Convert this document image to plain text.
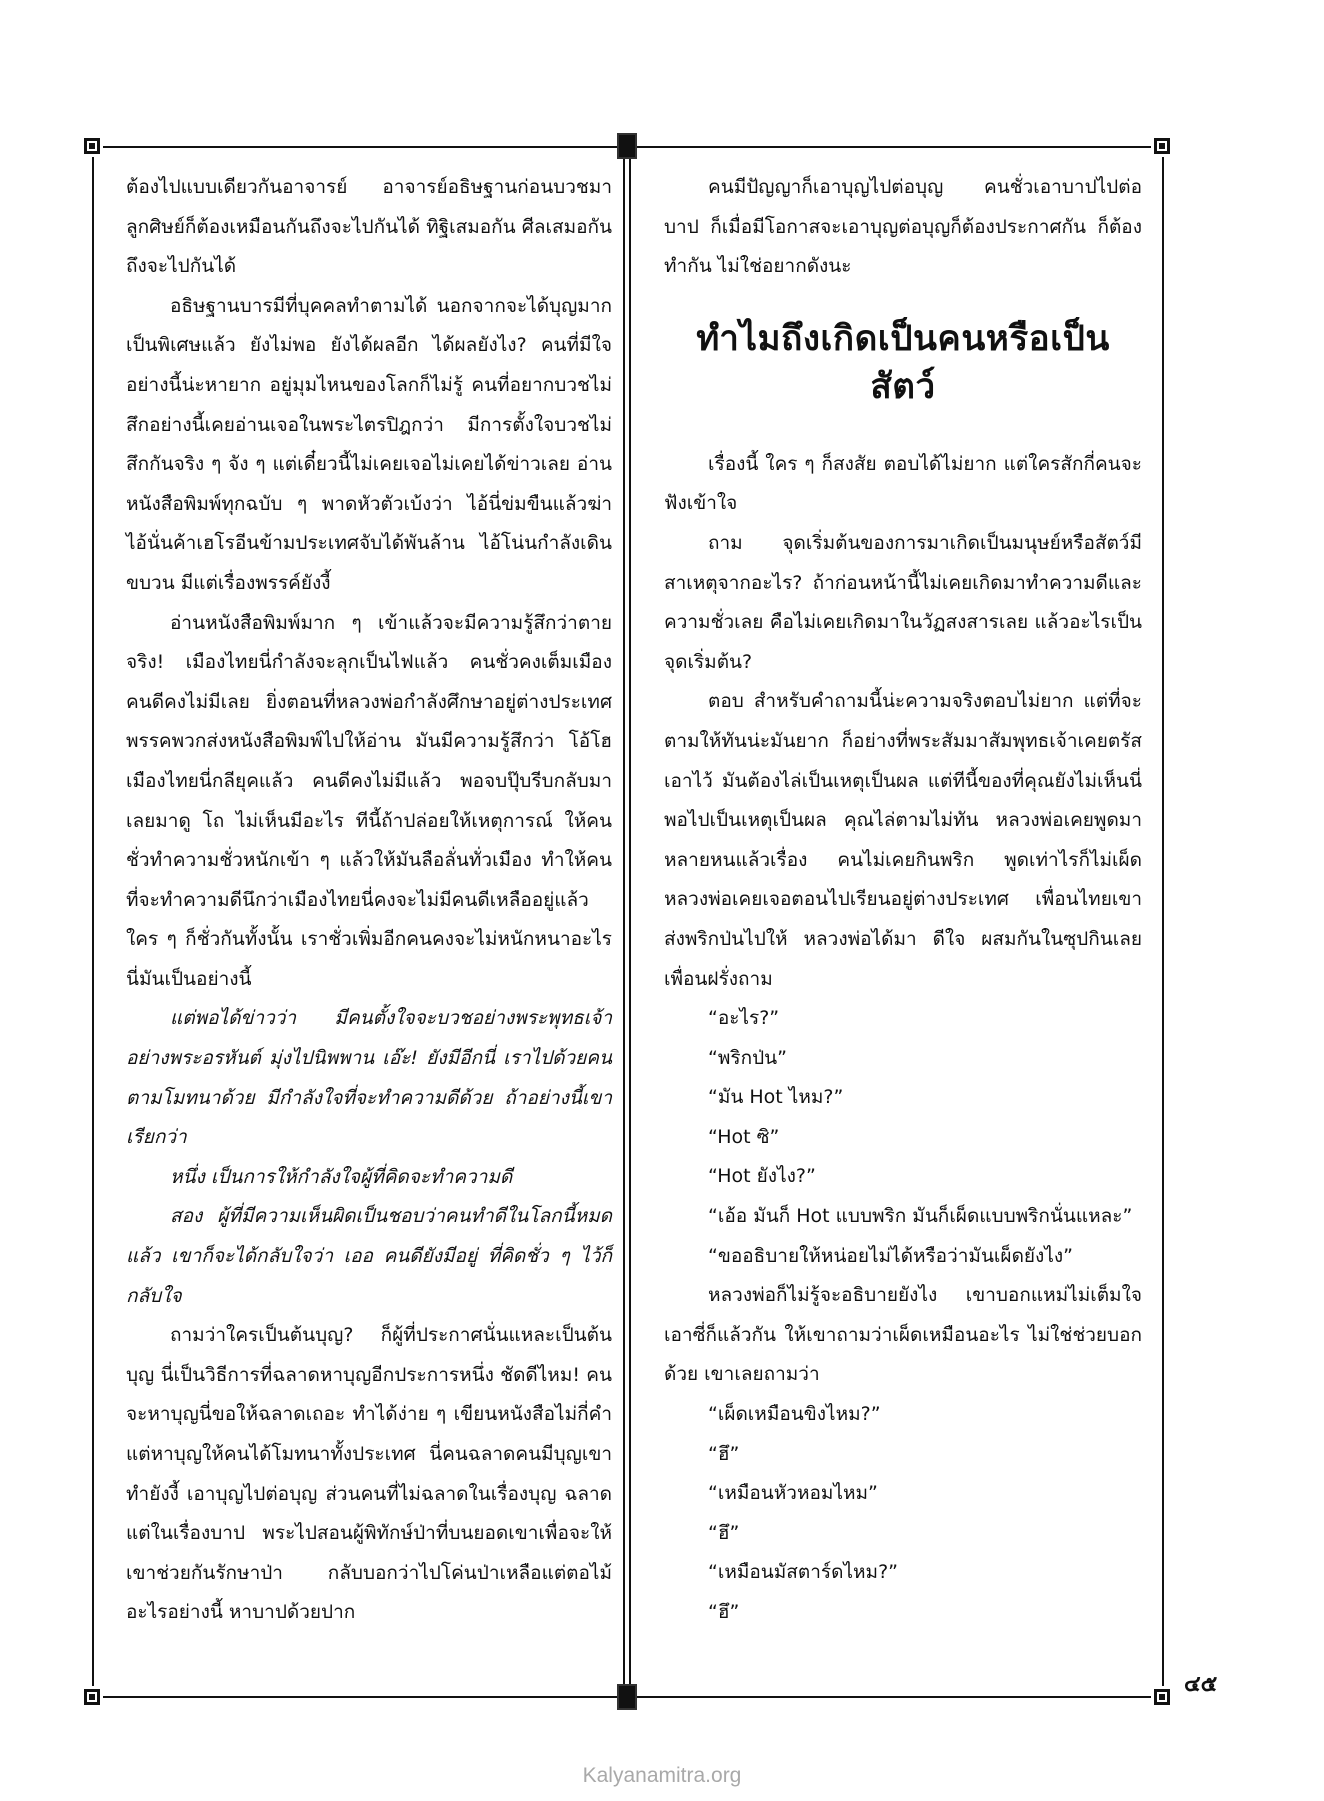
ต้องไปแบบเดียวกันอาจารย์ อาจารย์อธิษฐานก่อนบวชมา ลูกศิษย์ก็ต้องเหมือนกันถึงจะไปกันได้ ทิฐิเสมอกัน ศีลเสมอกัน ถึงจะไปกันได้

อธิษฐานบารมีที่บุคคลทำตามได้ นอกจากจะได้บุญมากเป็นพิเศษแล้ว ยังไม่พอ ยังได้ผลอีก ได้ผลยังไง? คนที่มีใจอย่างนี้น่ะหายาก อยู่มุมไหนของโลกก็ไม่รู้ คนที่อยากบวชไม่สึกอย่างนี้เคยอ่านเจอในพระไตรปิฎกว่า มีการตั้งใจบวชไม่สึกกันจริง ๆ จัง ๆ แต่เดี๋ยวนี้ไม่เคยเจอไม่เคยได้ข่าวเลย อ่านหนังสือพิมพ์ทุกฉบับ ๆ พาดหัวตัวเบ้งว่า ไอ้นี่ข่มขืนแล้วฆ่า ไอ้นั่นค้าเฮโรอีนข้ามประเทศจับได้พันล้าน ไอ้โน่นกำลังเดินขบวน มีแต่เรื่องพรรค์ยังงี้

อ่านหนังสือพิมพ์มาก ๆ เข้าแล้วจะมีความรู้สึกว่าตายจริง! เมืองไทยนี่กำลังจะลุกเป็นไฟแล้ว คนชั่วคงเต็มเมือง คนดีคงไม่มีเลย ยิ่งตอนที่หลวงพ่อกำลังศึกษาอยู่ต่างประเทศ พรรคพวกส่งหนังสือพิมพ์ไปให้อ่าน มันมีความรู้สึกว่า โอ้โฮ เมืองไทยนี่กลียุคแล้ว คนดีคงไม่มีแล้ว พอจบปุ๊บรีบกลับมาเลยมาดู โถ ไม่เห็นมีอะไร ทีนี้ถ้าปล่อยให้เหตุการณ์ ให้คนชั่วทำความชั่วหนักเข้า ๆ แล้วให้มันลือลั่นทั่วเมือง ทำให้คนที่จะทำความดีนึกว่าเมืองไทยนี่คงจะไม่มีคนดีเหลืออยู่แล้ว ใคร ๆ ก็ชั่วกันทั้งนั้น เราชั่วเพิ่มอีกคนคงจะไม่หนักหนาอะไร นี่มันเป็นอย่างนี้

แต่พอได้ข่าวว่า มีคนตั้งใจจะบวชอย่างพระพุทธเจ้า อย่างพระอรหันต์ มุ่งไปนิพพาน เอ๊ะ! ยังมีอีกนี่ เราไปด้วยคน ตามโมทนาด้วย มีกำลังใจที่จะทำความดีด้วย ถ้าอย่างนี้เขาเรียกว่า

หนึ่ง เป็นการให้กำลังใจผู้ที่คิดจะทำความดี

สอง ผู้ที่มีความเห็นผิดเป็นชอบว่าคนทำดีในโลกนี้หมดแล้ว เขาก็จะได้กลับใจว่า เออ คนดียังมีอยู่ ที่คิดชั่ว ๆ ไว้ก็กลับใจ

ถามว่าใครเป็นต้นบุญ? ก็ผู้ที่ประกาศนั่นแหละเป็นต้นบุญ นี่เป็นวิธีการที่ฉลาดหาบุญอีกประการหนึ่ง ชัดดีไหม! คนจะหาบุญนี่ขอให้ฉลาดเถอะ ทำได้ง่าย ๆ เขียนหนังสือไม่กี่คำ แต่หาบุญให้คนได้โมทนาทั้งประเทศ นี่คนฉลาดคนมีบุญเขาทำยังงี้ เอาบุญไปต่อบุญ ส่วนคนที่ไม่ฉลาดในเรื่องบุญ ฉลาดแต่ในเรื่องบาป พระไปสอนผู้พิทักษ์ป่าที่บนยอดเขาเพื่อจะให้เขาช่วยกันรักษาป่า กลับบอกว่าไปโค่นป่าเหลือแต่ตอไม้ อะไรอย่างนี้ หาบาปด้วยปาก

คนมีปัญญาก็เอาบุญไปต่อบุญ คนชั่วเอาบาปไปต่อบาป ก็เมื่อมีโอกาสจะเอาบุญต่อบุญก็ต้องประกาศกัน ก็ต้องทำกัน ไม่ใช่อยากดังนะ

ทำไมถึงเกิดเป็นคนหรือเป็นสัตว์

เรื่องนี้ ใคร ๆ ก็สงสัย ตอบได้ไม่ยาก แต่ใครสักกี่คนจะฟังเข้าใจ

ถาม จุดเริ่มต้นของการมาเกิดเป็นมนุษย์หรือสัตว์มีสาเหตุจากอะไร? ถ้าก่อนหน้านี้ไม่เคยเกิดมาทำความดีและความชั่วเลย คือไม่เคยเกิดมาในวัฏสงสารเลย แล้วอะไรเป็นจุดเริ่มต้น?

ตอบ สำหรับคำถามนี้น่ะความจริงตอบไม่ยาก แต่ที่จะตามให้ทันน่ะมันยาก ก็อย่างที่พระสัมมาสัมพุทธเจ้าเคยตรัสเอาไว้ มันต้องไล่เป็นเหตุเป็นผล แต่ทีนี้ของที่คุณยังไม่เห็นนี่พอไปเป็นเหตุเป็นผล คุณไล่ตามไม่ทัน หลวงพ่อเคยพูดมาหลายหนแล้วเรื่อง คนไม่เคยกินพริก พูดเท่าไรก็ไม่เผ็ด หลวงพ่อเคยเจอตอนไปเรียนอยู่ต่างประเทศ เพื่อนไทยเขาส่งพริกป่นไปให้ หลวงพ่อได้มา ดีใจ ผสมกันในซุปกินเลย เพื่อนฝรั่งถาม

“อะไร?”

“พริกป่น”

“มัน Hot ไหม?”

“Hot ซิ”

“Hot ยังไง?”

“เอ้อ มันก็ Hot แบบพริก มันก็เผ็ดแบบพริกนั่นแหละ”

“ขออธิบายให้หน่อยไม่ได้หรือว่ามันเผ็ดยังไง”

หลวงพ่อก็ไม่รู้จะอธิบายยังไง เขาบอกแหม่ไม่เต็มใจเอาซี่ก็แล้วกัน ให้เขาถามว่าเผ็ดเหมือนอะไร ไม่ใช่ช่วยบอกด้วย เขาเลยถามว่า

“เผ็ดเหมือนขิงไหม?”

“ฮึ”

“เหมือนหัวหอมไหม”

“ฮึ”

“เหมือนมัสตาร์ดไหม?”

“ฮึ”

๔๕
Kalyanamitra.org
